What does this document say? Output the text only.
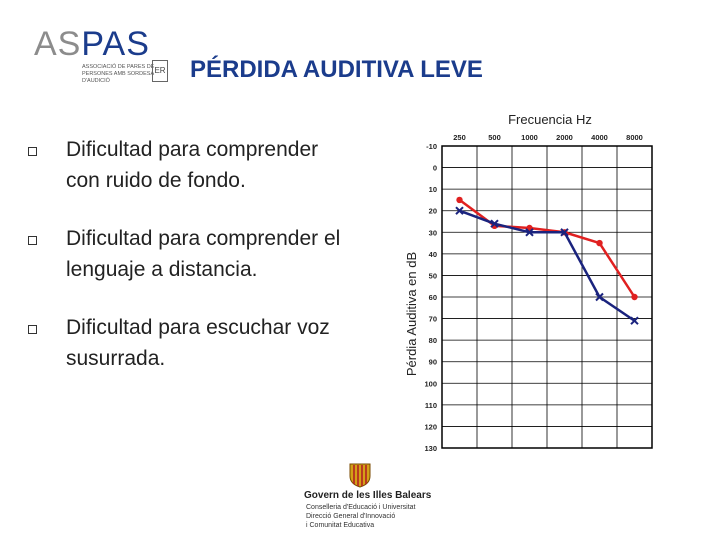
ASPAS
ASSOCIACIÓ DE PARES DE PERSONES AMB SORDESA D'AUDICIÓ
ER PÉRDIDA AUDITIVA LEVE
Dificultad para comprender con ruido de fondo.
Dificultad para comprender el lenguaje a distancia.
Dificultad para escuchar voz susurrada.
Frecuencia Hz
Pérdia Auditiva en dB
250	500	1000 2000 4000 8000
-10
0
10
20
30
40
50
60
70
80
90
100
110
120
130
Govern de les Illes Balears
Conselleria d'Educació i Universitat
Direcció General d'Innovació
i Comunitat Educativa
